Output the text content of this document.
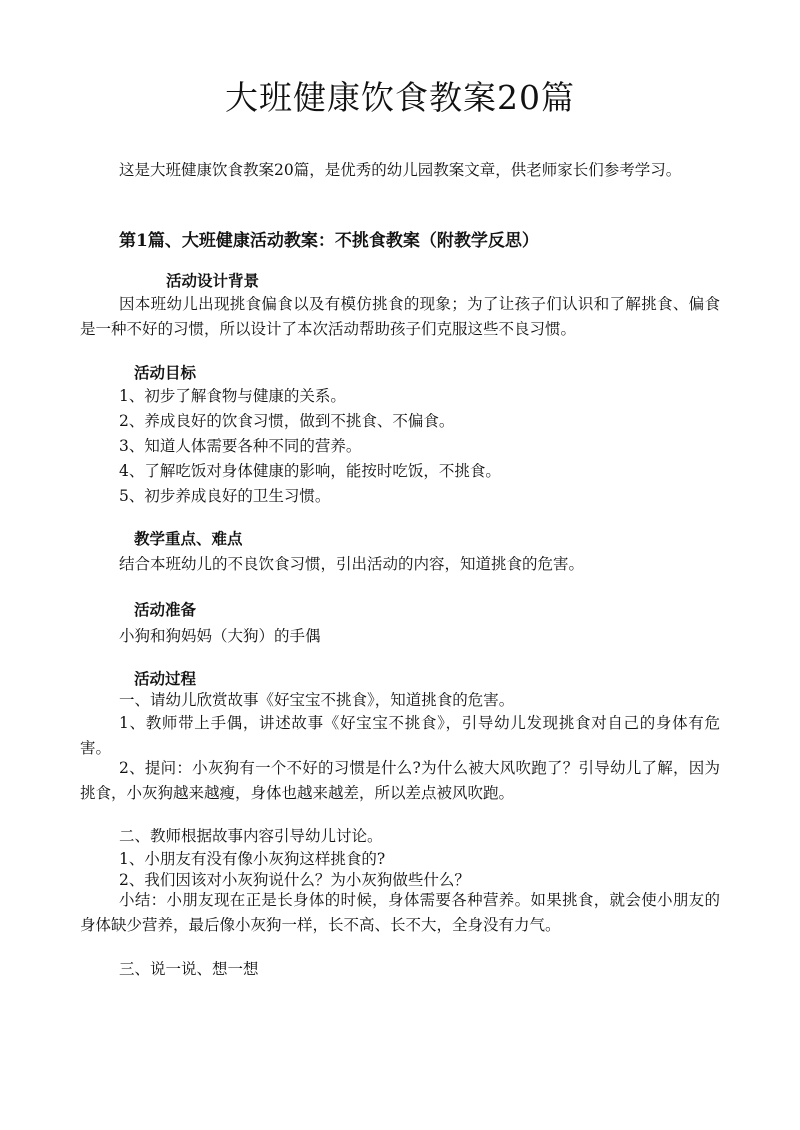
大班健康饮食教案20篇
这是大班健康饮食教案20篇，是优秀的幼儿园教案文章，供老师家长们参考学习。
第1篇、大班健康活动教案：不挑食教案（附教学反思）
活动设计背景
因本班幼儿出现挑食偏食以及有模仿挑食的现象；为了让孩子们认识和了解挑食、偏食是一种不好的习惯，所以设计了本次活动帮助孩子们克服这些不良习惯。
活动目标
1、初步了解食物与健康的关系。
2、养成良好的饮食习惯，做到不挑食、不偏食。
3、知道人体需要各种不同的营养。
4、了解吃饭对身体健康的影响，能按时吃饭，不挑食。
5、初步养成良好的卫生习惯。
教学重点、难点
结合本班幼儿的不良饮食习惯，引出活动的内容，知道挑食的危害。
活动准备
小狗和狗妈妈（大狗）的手偶
活动过程
一、请幼儿欣赏故事《好宝宝不挑食》，知道挑食的危害。
1、教师带上手偶，讲述故事《好宝宝不挑食》，引导幼儿发现挑食对自己的身体有危害。
2、提问：小灰狗有一个不好的习惯是什么?为什么被大风吹跑了？引导幼儿了解，因为挑食，小灰狗越来越瘦，身体也越来越差，所以差点被风吹跑。
二、教师根据故事内容引导幼儿讨论。
1、小朋友有没有像小灰狗这样挑食的?
2、我们因该对小灰狗说什么？为小灰狗做些什么？
小结：小朋友现在正是长身体的时候，身体需要各种营养。如果挑食，就会使小朋友的身体缺少营养，最后像小灰狗一样，长不高、长不大，全身没有力气。
三、说一说、想一想
